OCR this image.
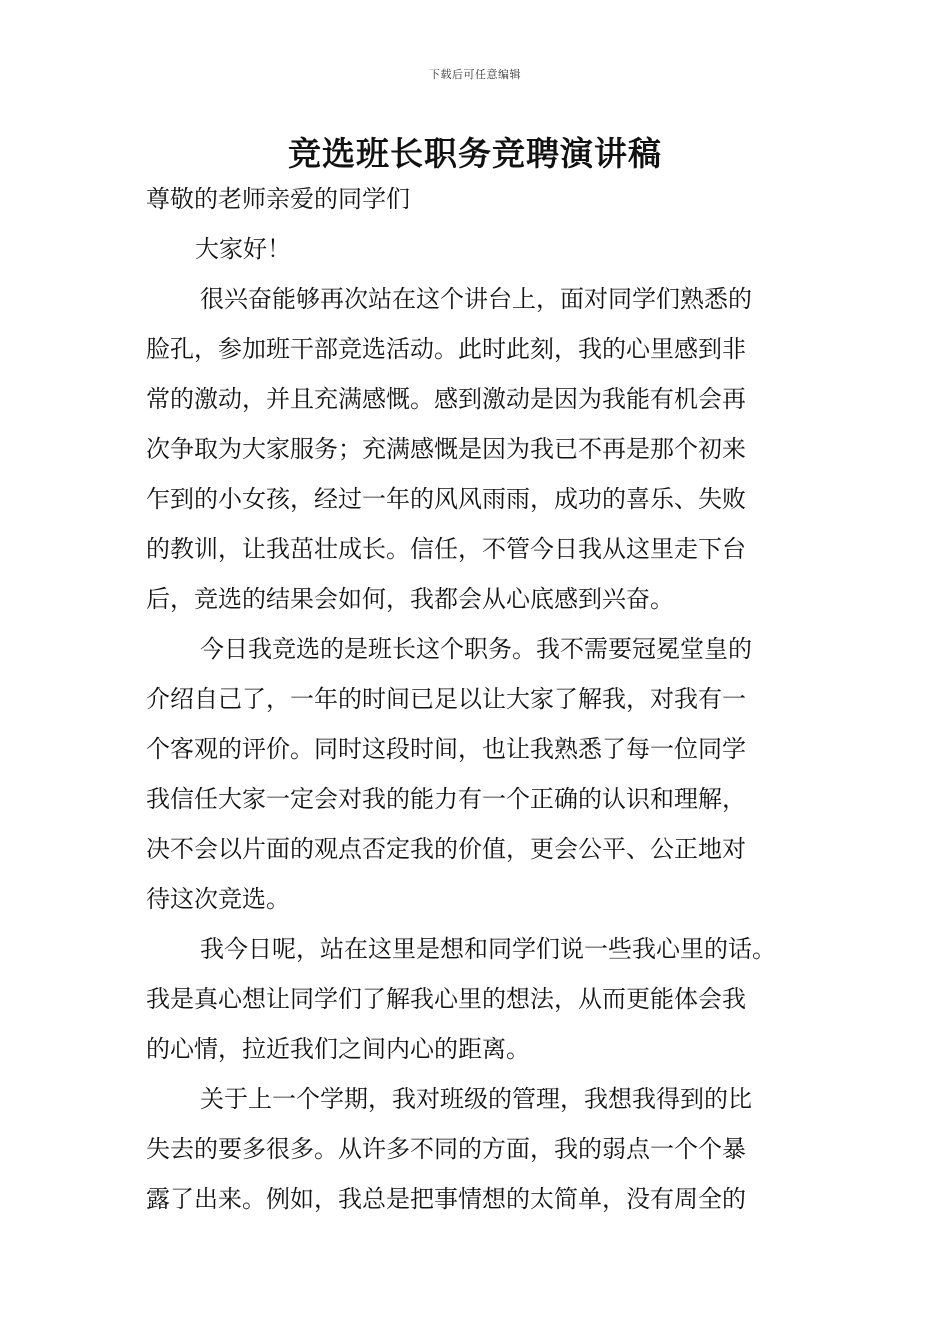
下载后可任意编辑
竞选班长职务竞聘演讲稿

尊敬的老师亲爱的同学们

大家好！

很兴奋能够再次站在这个讲台上，面对同学们熟悉的

脸孔，参加班干部竞选活动。此时此刻，我的心里感到非

常的激动，并且充满感慨。感到激动是因为我能有机会再

次争取为大家服务；充满感慨是因为我已不再是那个初来

乍到的小女孩，经过一年的风风雨雨，成功的喜乐、失败

的教训，让我茁壮成长。信任，不管今日我从这里走下台

后，竞选的结果会如何，我都会从心底感到兴奋。

今日我竞选的是班长这个职务。我不需要冠冕堂皇的

介绍自己了，一年的时间已足以让大家了解我，对我有一

个客观的评价。同时这段时间，也让我熟悉了每一位同学

我信任大家一定会对我的能力有一个正确的认识和理解，

决不会以片面的观点否定我的价值，更会公平、公正地对

待这次竞选。

我今日呢，站在这里是想和同学们说一些我心里的话。

我是真心想让同学们了解我心里的想法，从而更能体会我

的心情，拉近我们之间内心的距离。

关于上一个学期，我对班级的管理，我想我得到的比

失去的要多很多。从许多不同的方面，我的弱点一个个暴

露了出来。例如，我总是把事情想的太简单，没有周全的
